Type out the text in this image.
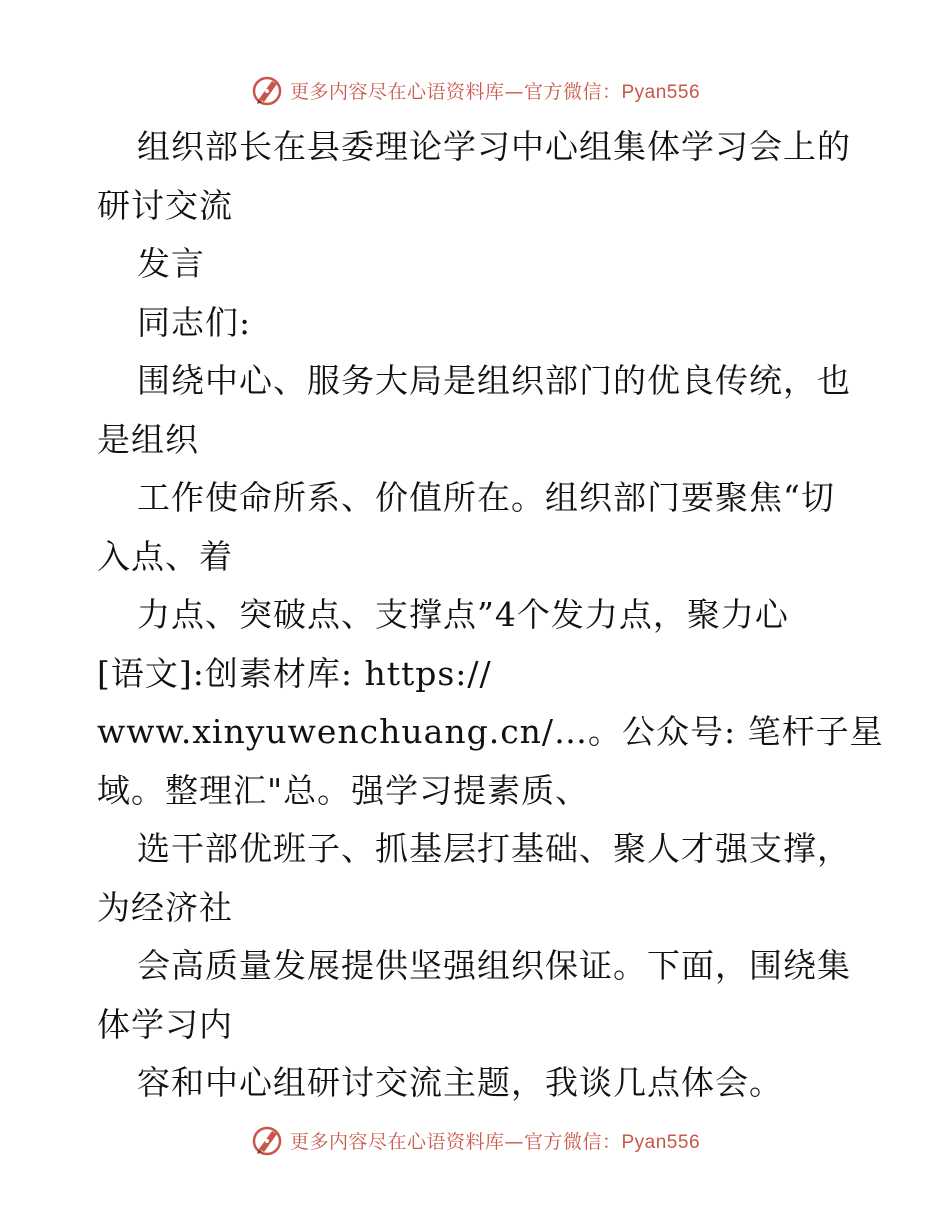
更多内容尽在心语资料库—官方微信：Pyan556
组织部长在县委理论学习中心组集体学习会上的
研讨交流
发言
同志们:
围绕中心、服务大局是组织部门的优良传统，也
是组织
工作使命所系、价值所在。组织部门要聚焦“切
入点、着
力点、突破点、支撑点”4个发力点，聚力心
[语文]:创素材库: https://
www.xinyuwenchuang.cn/…。公众号: 笔杆子星
域。整理汇"总。强学习提素质、
选干部优班子、抓基层打基础、聚人才强支撑，
为经济社
会高质量发展提供坚强组织保证。下面，围绕集
体学习内
容和中心组研讨交流主题，我谈几点体会。
更多内容尽在心语资料库—官方微信：Pyan556
